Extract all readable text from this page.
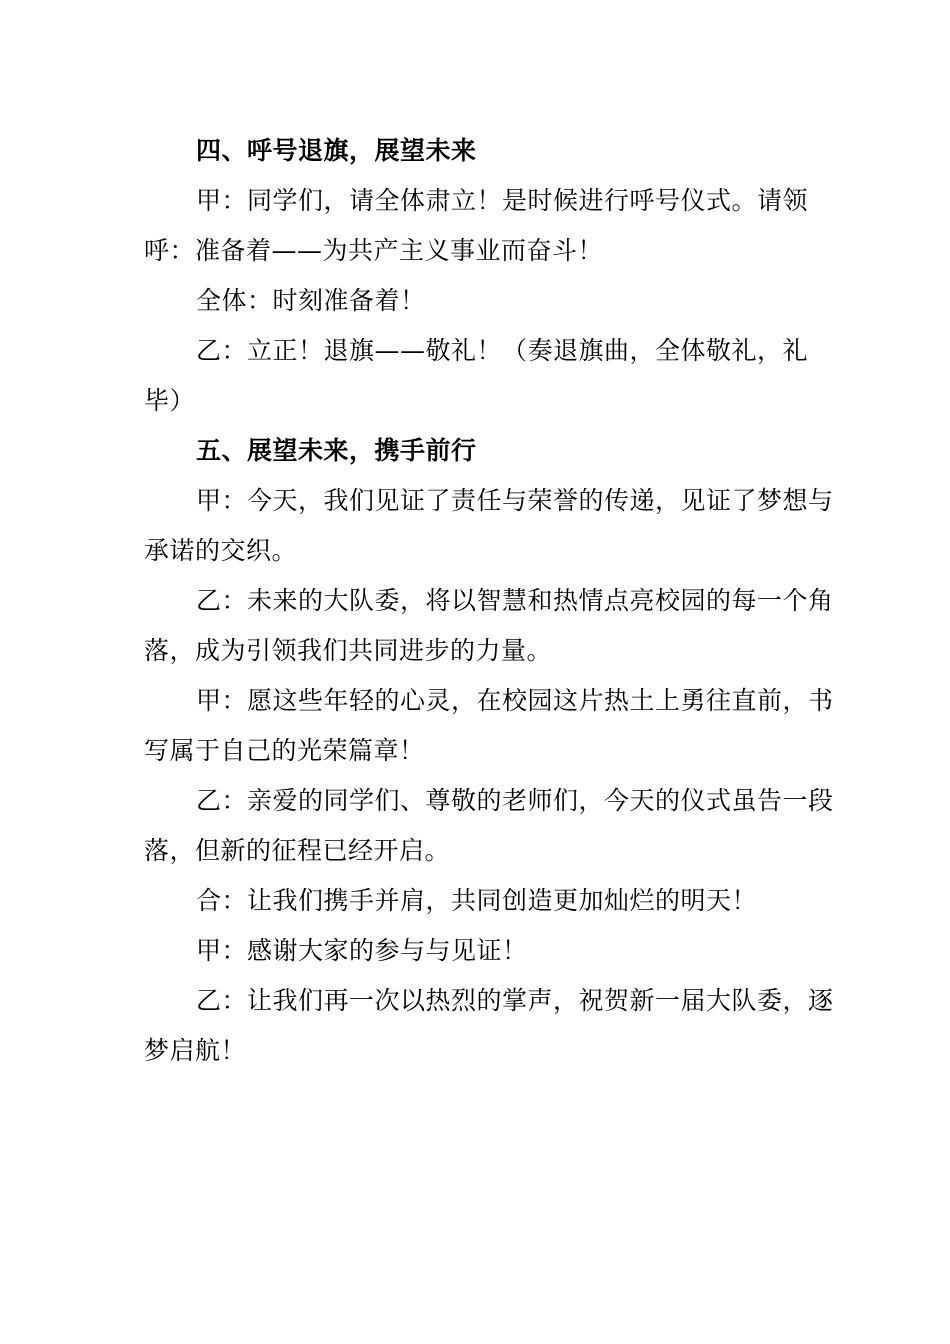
四、呼号退旗，展望未来

甲：同学们，请全体肃立！是时候进行呼号仪式。请领呼：准备着——为共产主义事业而奋斗！

全体：时刻准备着！

乙：立正！退旗——敬礼！（奏退旗曲，全体敬礼，礼毕）

五、展望未来，携手前行

甲：今天，我们见证了责任与荣誉的传递，见证了梦想与承诺的交织。

乙：未来的大队委，将以智慧和热情点亮校园的每一个角落，成为引领我们共同进步的力量。

甲：愿这些年轻的心灵，在校园这片热土上勇往直前，书写属于自己的光荣篇章！

乙：亲爱的同学们、尊敬的老师们，今天的仪式虽告一段落，但新的征程已经开启。

合：让我们携手并肩，共同创造更加灿烂的明天！

甲：感谢大家的参与与见证！

乙：让我们再一次以热烈的掌声，祝贺新一届大队委，逐梦启航！
